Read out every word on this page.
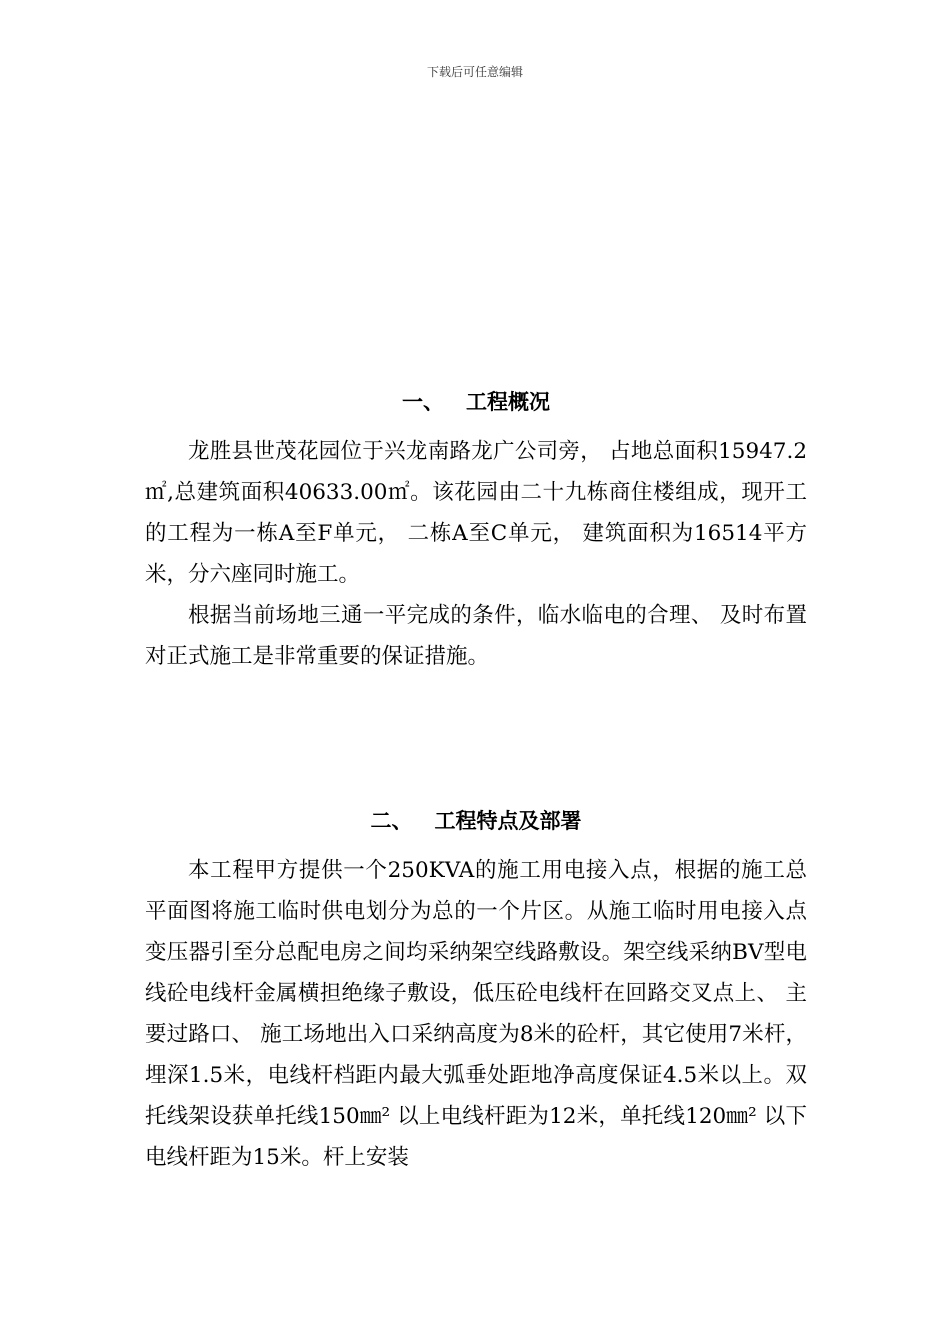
下载后可任意编辑
一、 工程概况

龙胜县世茂花园位于兴龙南路龙广公司旁， 占地总面积15947.2㎡,总建筑面积40633.00㎡。该花园由二十九栋商住楼组成，现开工的工程为一栋A至F单元， 二栋A至C单元， 建筑面积为16514平方米，分六座同时施工。

根据当前场地三通一平完成的条件，临水临电的合理、 及时布置对正式施工是非常重要的保证措施。

二、 工程特点及部署

本工程甲方提供一个250KVA的施工用电接入点，根据的施工总平面图将施工临时供电划分为总的一个片区。从施工临时用电接入点变压器引至分总配电房之间均采纳架空线路敷设。架空线采纳BV型电线砼电线杆金属横担绝缘子敷设，低压砼电线杆在回路交叉点上、 主要过路口、 施工场地出入口采纳高度为8米的砼杆，其它使用7米杆，埋深1.5米，电线杆档距内最大弧垂处距地净高度保证4.5米以上。双托线架设获单托线150㎜² 以上电线杆距为12米，单托线120㎜² 以下电线杆距为15米。杆上安装
